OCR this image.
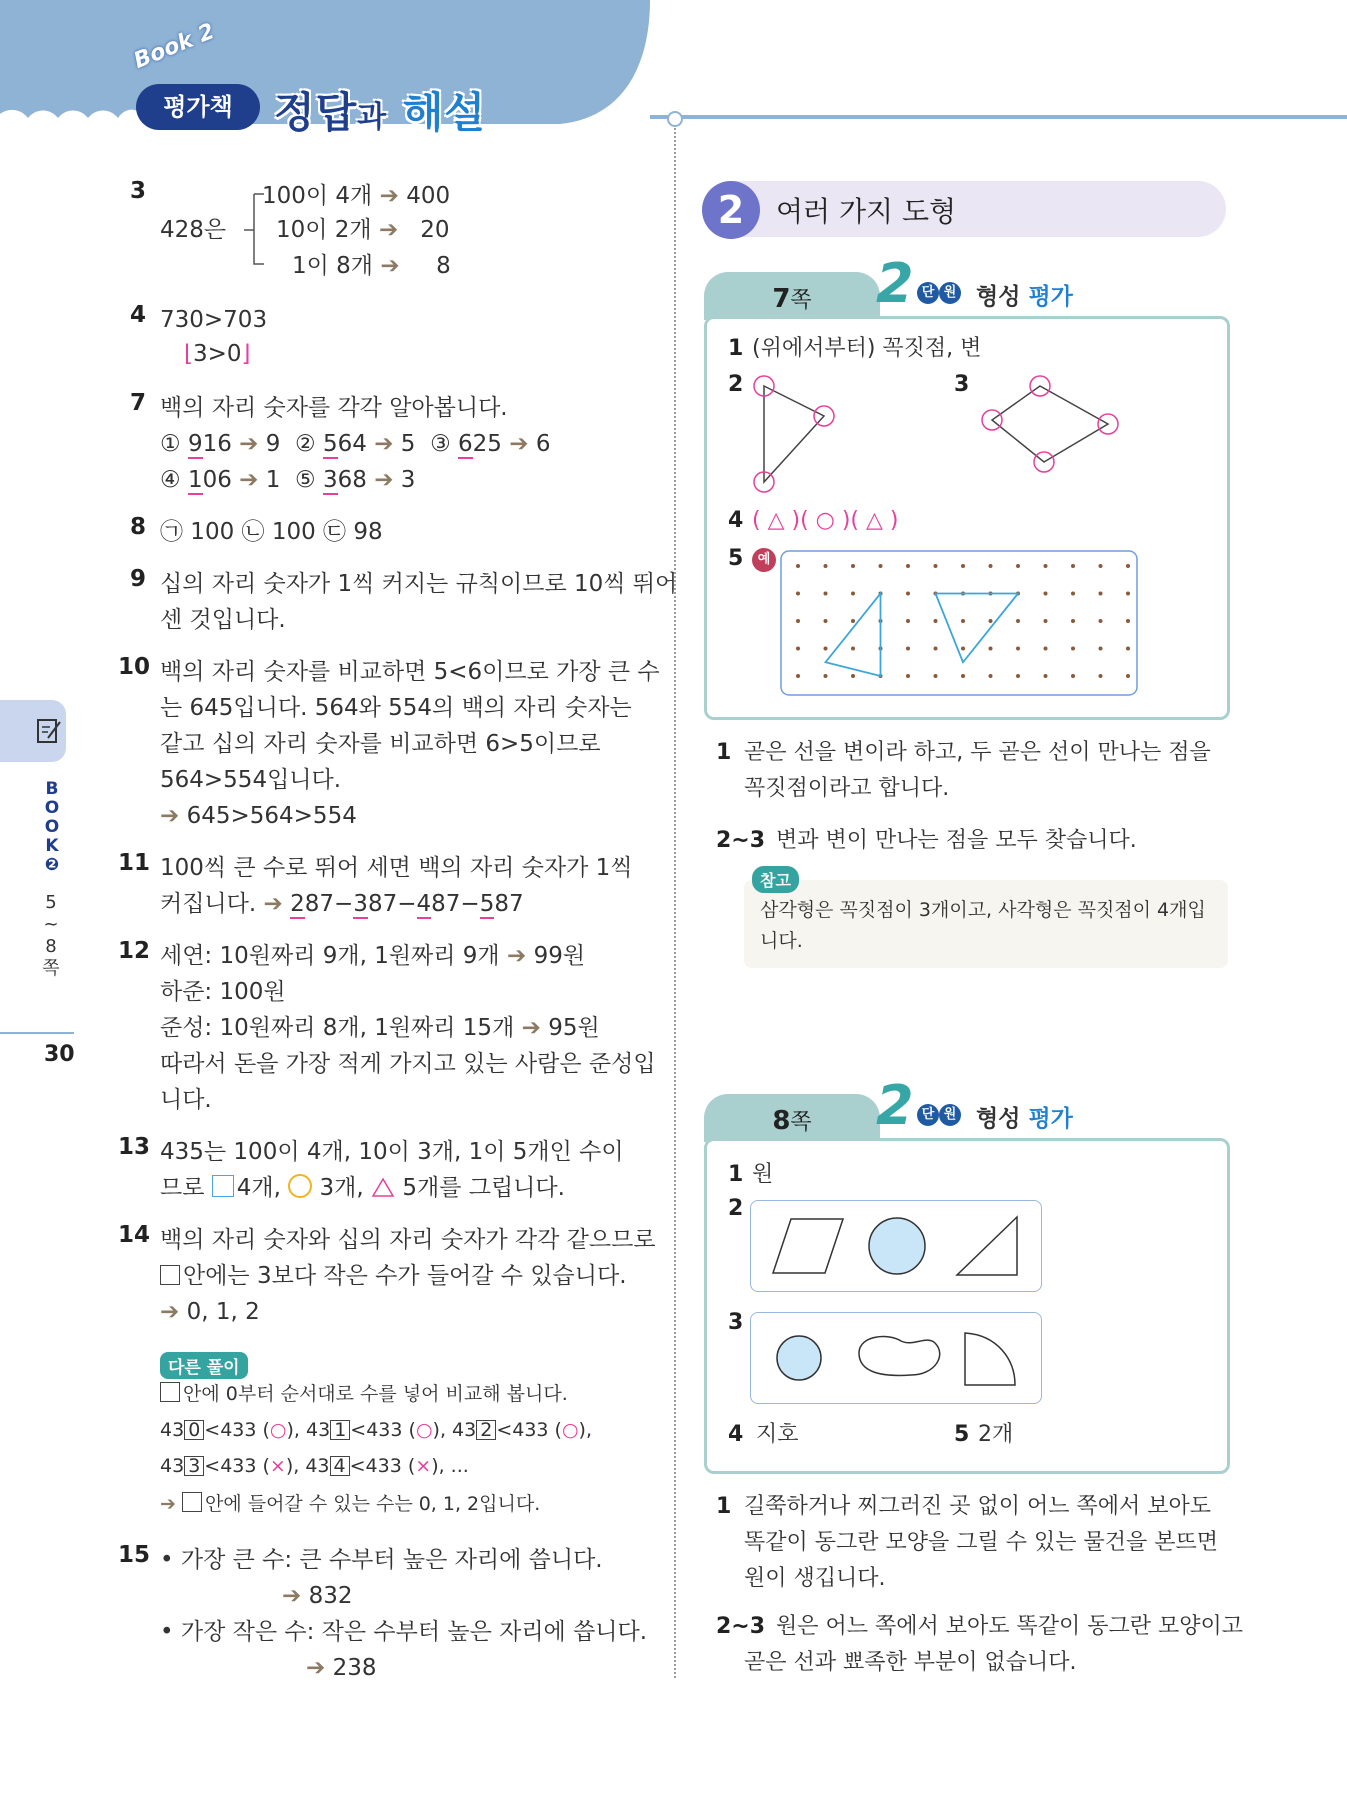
Book 2
평가책 정답과 해설
B
O
O
K
❷
5
~
8
쪽
30
3
428은
100이 4개 ➔ 400
10이 2개 ➔ 20
1이 8개 ➔ 8
4 730>703
⌊3>0⌋
7 백의 자리 숫자를 각각 알아봅니다.
① 916 ➔ 9 ② 564 ➔ 5 ③ 625 ➔ 6
④ 106 ➔ 1 ⑤ 368 ➔ 3
8 ㉠ 100 ㉡ 100 ㉢ 98
9 십의 자리 숫자가 1씩 커지는 규칙이므로 10씩 뛰어
센 것입니다.
10 백의 자리 숫자를 비교하면 5<6이므로 가장 큰 수
는 645입니다. 564와 554의 백의 자리 숫자는
같고 십의 자리 숫자를 비교하면 6>5이므로
564>554입니다.
➔ 645>564>554
11 100씩 큰 수로 뛰어 세면 백의 자리 숫자가 1씩
커집니다. ➔ 287−387−487−587
12 세연: 10원짜리 9개, 1원짜리 9개 ➔ 99원
하준: 100원
준성: 10원짜리 8개, 1원짜리 15개 ➔ 95원
따라서 돈을 가장 적게 가지고 있는 사람은 준성입
니다.
13 435는 100이 4개, 10이 3개, 1이 5개인 수이
므로 4개, 3개, 5개를 그립니다.
14 백의 자리 숫자와 십의 자리 숫자가 각각 같으므로
안에는 3보다 작은 수가 들어갈 수 있습니다.
➔ 0, 1, 2
다른 풀이
안에 0부터 순서대로 수를 넣어 비교해 봅니다.
43 0 <433 (○), 43 1 <433 (○), 43 2 <433 (○),
43 3 <433 (×), 43 4 <433 (×), ...
➔ 안에 들어갈 수 있는 수는 0, 1, 2입니다.
15 • 가장 큰 수: 큰 수부터 높은 자리에 씁니다.
➔ 832
• 가장 작은 수: 작은 수부터 높은 자리에 씁니다.
➔ 238
2	여러 가지 도형
7쪽	2 단 원 형성 평가
1 (위에서부터) 꼭짓점, 변
2	3
4 ( △ )( ○ )( △ )
5	예
1 곧은 선을 변이라 하고, 두 곧은 선이 만나는 점을
꼭짓점이라고 합니다.
2~3 변과 변이 만나는 점을 모두 찾습니다.
참고
삼각형은 꼭짓점이 3개이고, 사각형은 꼭짓점이 4개입
니다.
8쪽	2 단 원 형성 평가
1 원
2
3
4 지호	5 2개
1 길쭉하거나 찌그러진 곳 없이 어느 쪽에서 보아도
똑같이 동그란 모양을 그릴 수 있는 물건을 본뜨면
원이 생깁니다.
2~3 원은 어느 쪽에서 보아도 똑같이 동그란 모양이고
곧은 선과 뾰족한 부분이 없습니다.
